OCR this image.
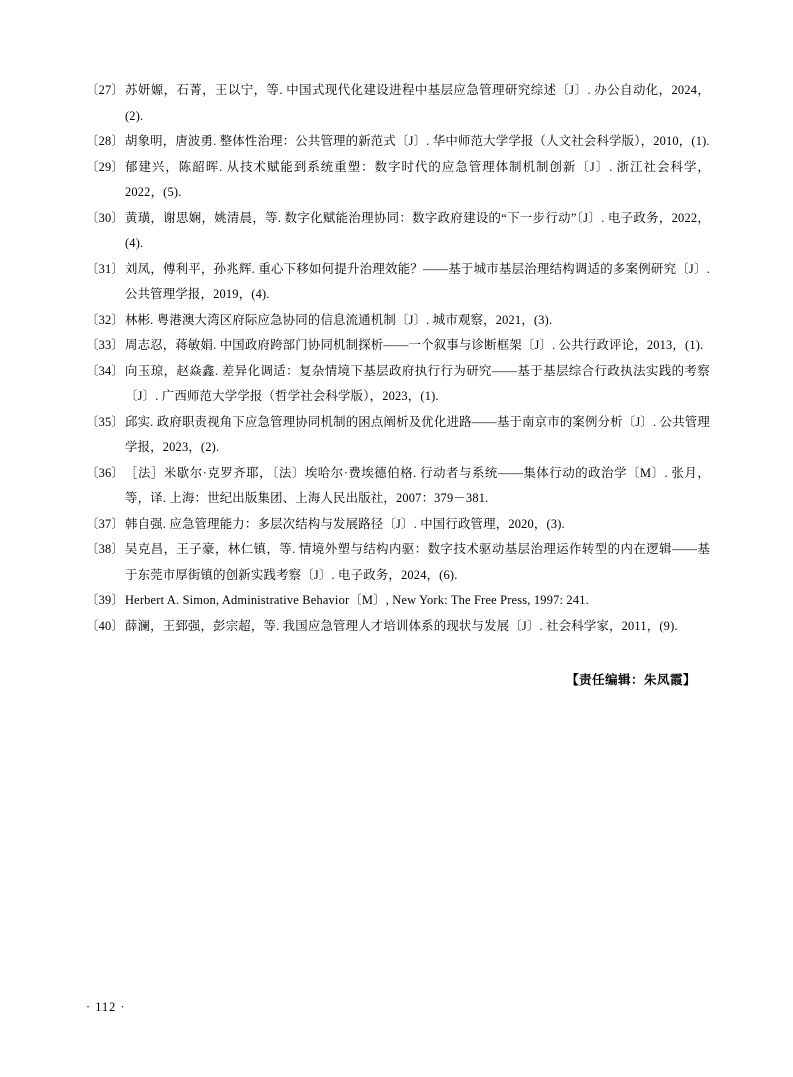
〔27〕 苏妍嫄，石菁，王以宁，等. 中国式现代化建设进程中基层应急管理研究综述〔J〕. 办公自动化，2024，(2).
〔28〕 胡象明，唐波勇. 整体性治理：公共管理的新范式〔J〕. 华中师范大学学报（人文社会科学版），2010，(1).
〔29〕 郁建兴，陈韶晖. 从技术赋能到系统重塑：数字时代的应急管理体制机制创新〔J〕. 浙江社会科学，2022，(5).
〔30〕 黄璜，谢思娴，姚清晨，等. 数字化赋能治理协同：数字政府建设的“下一步行动”〔J〕. 电子政务，2022，(4).
〔31〕 刘凤，傅利平，孙兆辉. 重心下移如何提升治理效能？——基于城市基层治理结构调适的多案例研究〔J〕. 公共管理学报，2019，(4).
〔32〕 林彬. 粤港澳大湾区府际应急协同的信息流通机制〔J〕. 城市观察，2021，(3).
〔33〕 周志忍，蒋敏娟. 中国政府跨部门协同机制探析——一个叙事与诊断框架〔J〕. 公共行政评论，2013，(1).
〔34〕 向玉琼，赵焱鑫. 差异化调适：复杂情境下基层政府执行行为研究——基于基层综合行政执法实践的考察〔J〕. 广西师范大学学报（哲学社会科学版），2023，(1).
〔35〕 邱实. 政府职责视角下应急管理协同机制的困点阐析及优化进路——基于南京市的案例分析〔J〕. 公共管理学报，2023，(2).
〔36〕 ［法］米歇尔·克罗齐耶，〔法〕埃哈尔·费埃德伯格. 行动者与系统——集体行动的政治学〔M〕. 张月，等，译. 上海：世纪出版集团、上海人民出版社，2007：379－381.
〔37〕 韩自强. 应急管理能力：多层次结构与发展路径〔J〕. 中国行政管理，2020，(3).
〔38〕 吴克昌，王子豪，林仁镇，等. 情境外塑与结构内驱：数字技术驱动基层治理运作转型的内在逻辑——基于东莞市厚街镇的创新实践考察〔J〕. 电子政务，2024，(6).
〔39〕 Herbert A. Simon, Administrative Behavior〔M〕, New York: The Free Press, 1997: 241.
〔40〕 薛澜，王郅强，彭宗超，等. 我国应急管理人才培训体系的现状与发展〔J〕. 社会科学家，2011，(9).
【责任编辑：朱凤霞】
· 112 ·
